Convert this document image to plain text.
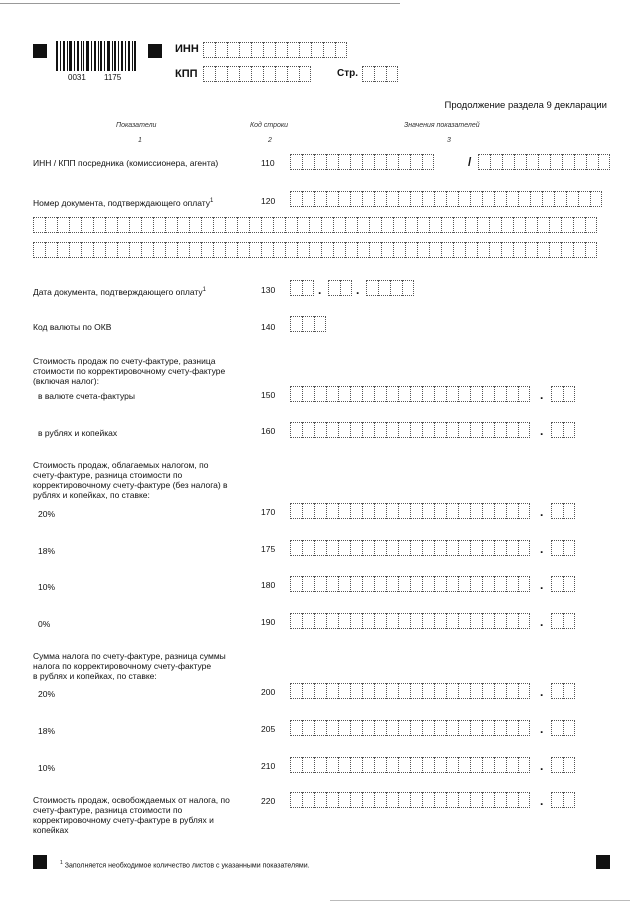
0031 1175
ИНН
КПП	Стр.
Продолжение раздела 9 декларации
Показатели	Код строки	Значения показателей
1	2	3
ИНН / КПП посредника (комиссионера, агента)	110	/
Номер документа, подтверждающего оплату$^1$	120
Дата документа, подтверждающего оплату$^1$	130	.	.
Код валюты по ОКВ	140
Стоимость продаж по счету-фактуре, разница
стоимости по корректировочному счету-фактуре
(включая налог):
в валюте счета-фактуры	150	.
в рублях и копейках	160	.
Стоимость продаж, облагаемых налогом, по
счету-фактуре, разница стоимости по
корректировочному счету-фактуре (без налога) в
рублях и копейках, по ставке:
20%	170	.
18%	175	.
10%	180	.
0%	190	.
Сумма налога по счету-фактуре, разница суммы
налога по корректировочному счету-фактуре
в рублях и копейках, по ставке:
20%	200	.
18%	205	.
10%	210	.
Стоимость продаж, освобождаемых от налога, по
счету-фактуре, разница стоимости по
корректировочному счету-фактуре в рублях и
копейках
220	.
$^1$ Заполняется необходимое количество листов с указанными показателями.
